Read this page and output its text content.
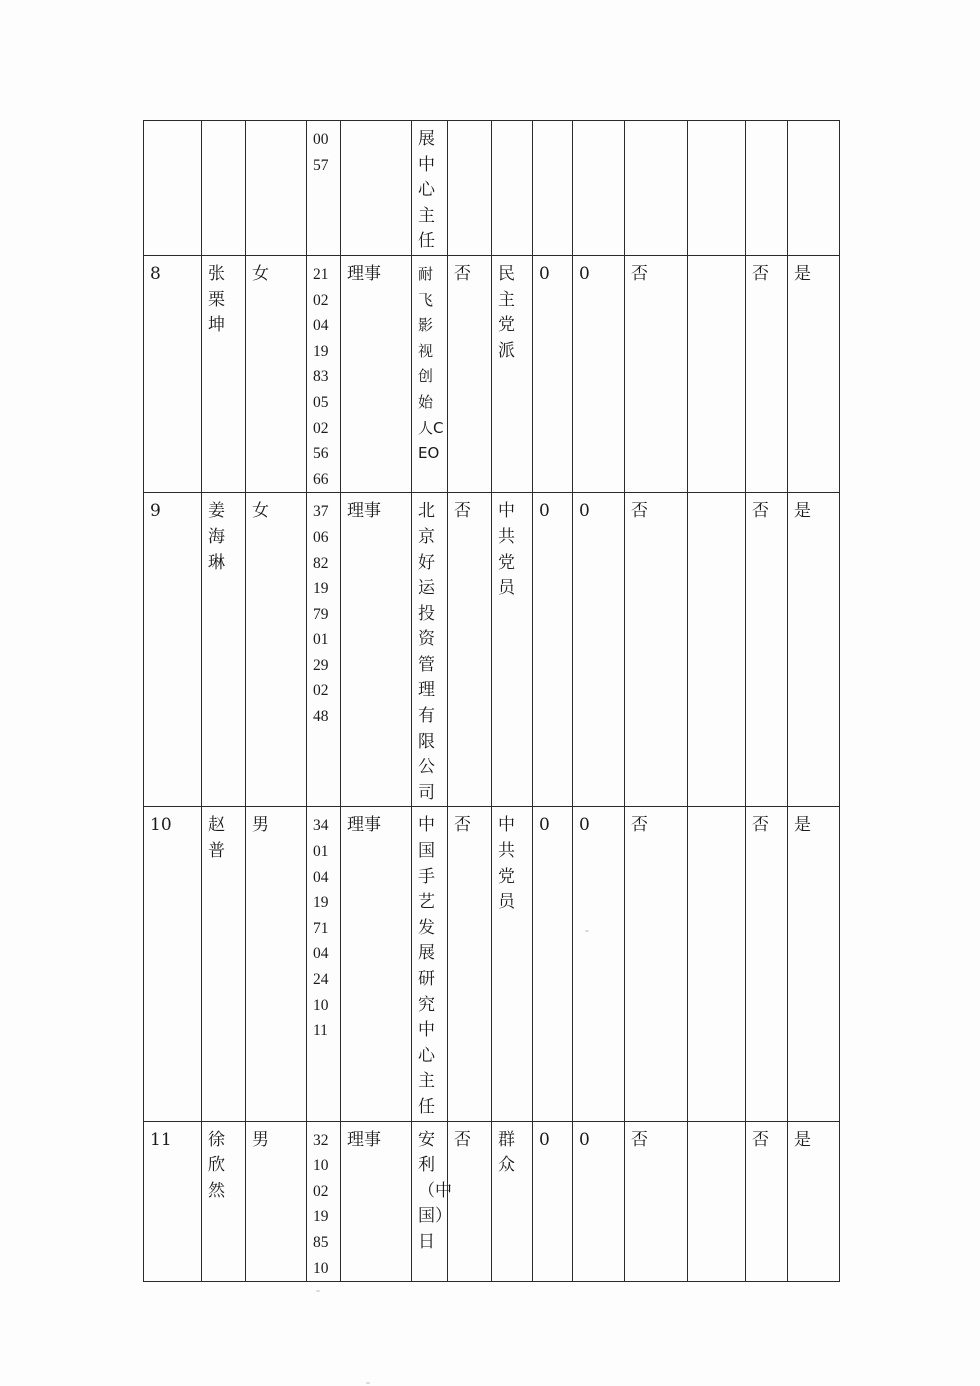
			0057		展中心主任								

8	张栗坤	女	210204198305025666	理事	耐飞影视创始人CEO	否	民主党派	0	0	否		否	是
9	姜海琳	女	370682197901290248	理事	北京好运投资管理有限公司	否	中共党员	0	0	否		否	是
10	赵普	男	340104197104241011	理事	中国手艺发展研究中心主任	否	中共党员	0	0	否		否	是
11	徐欣然	男	321002198510	理事	安利（中国）日	否	群众	0	0	否		否	是
